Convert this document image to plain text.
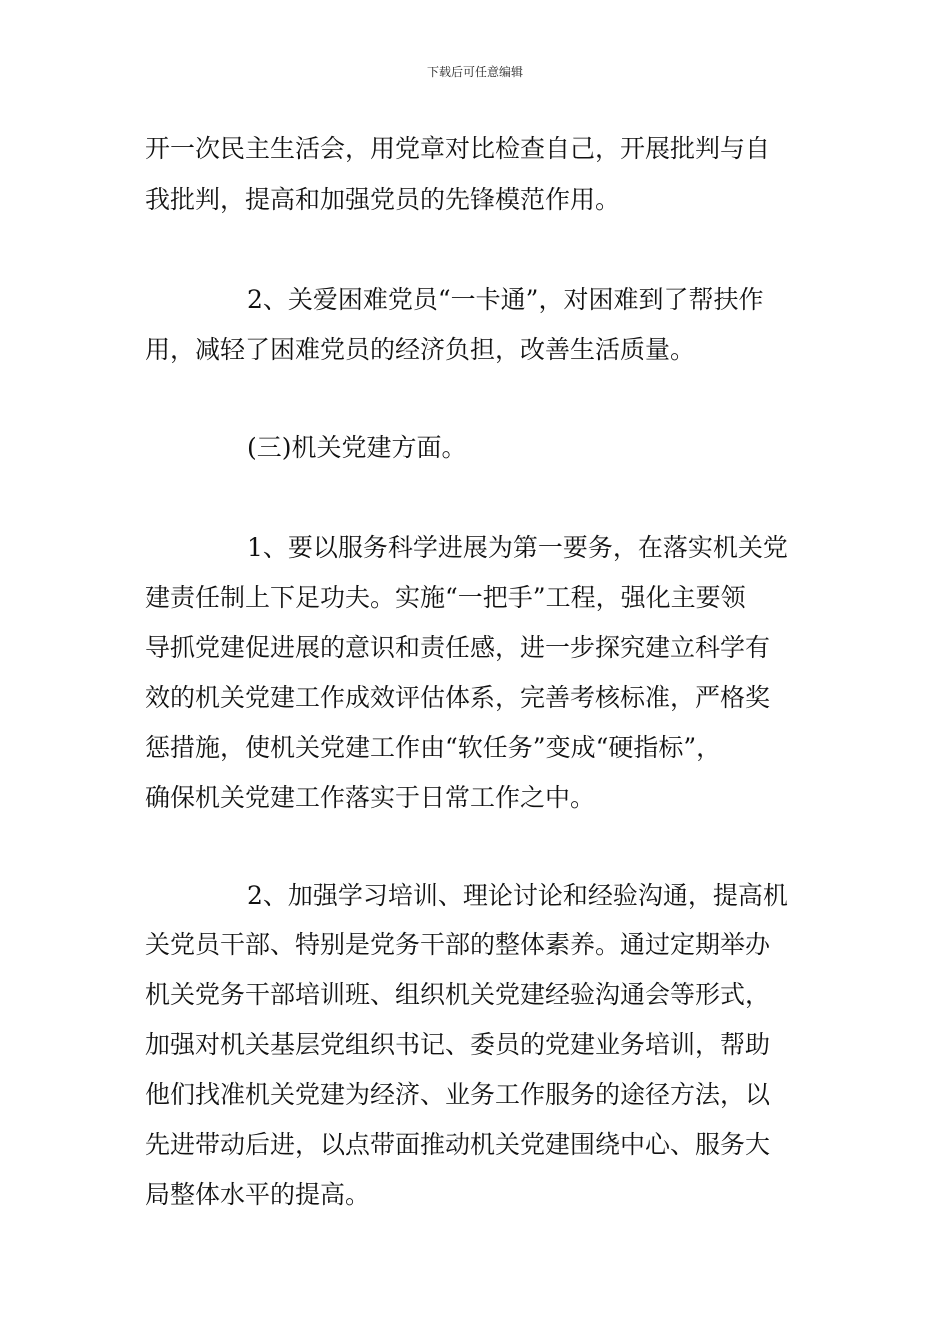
下载后可任意编辑
开一次民主生活会，用党章对比检查自己，开展批判与自
我批判，提高和加强党员的先锋模范作用。
2、关爱困难党员“一卡通”，对困难到了帮扶作
用，减轻了困难党员的经济负担，改善生活质量。
(三)机关党建方面。
1、要以服务科学进展为第一要务，在落实机关党
建责任制上下足功夫。实施“一把手”工程，强化主要领
导抓党建促进展的意识和责任感，进一步探究建立科学有
效的机关党建工作成效评估体系，完善考核标准，严格奖
惩措施，使机关党建工作由“软任务”变成“硬指标”，
确保机关党建工作落实于日常工作之中。
2、加强学习培训、理论讨论和经验沟通，提高机
关党员干部、特别是党务干部的整体素养。通过定期举办
机关党务干部培训班、组织机关党建经验沟通会等形式，
加强对机关基层党组织书记、委员的党建业务培训，帮助
他们找准机关党建为经济、业务工作服务的途径方法，以
先进带动后进，以点带面推动机关党建围绕中心、服务大
局整体水平的提高。
